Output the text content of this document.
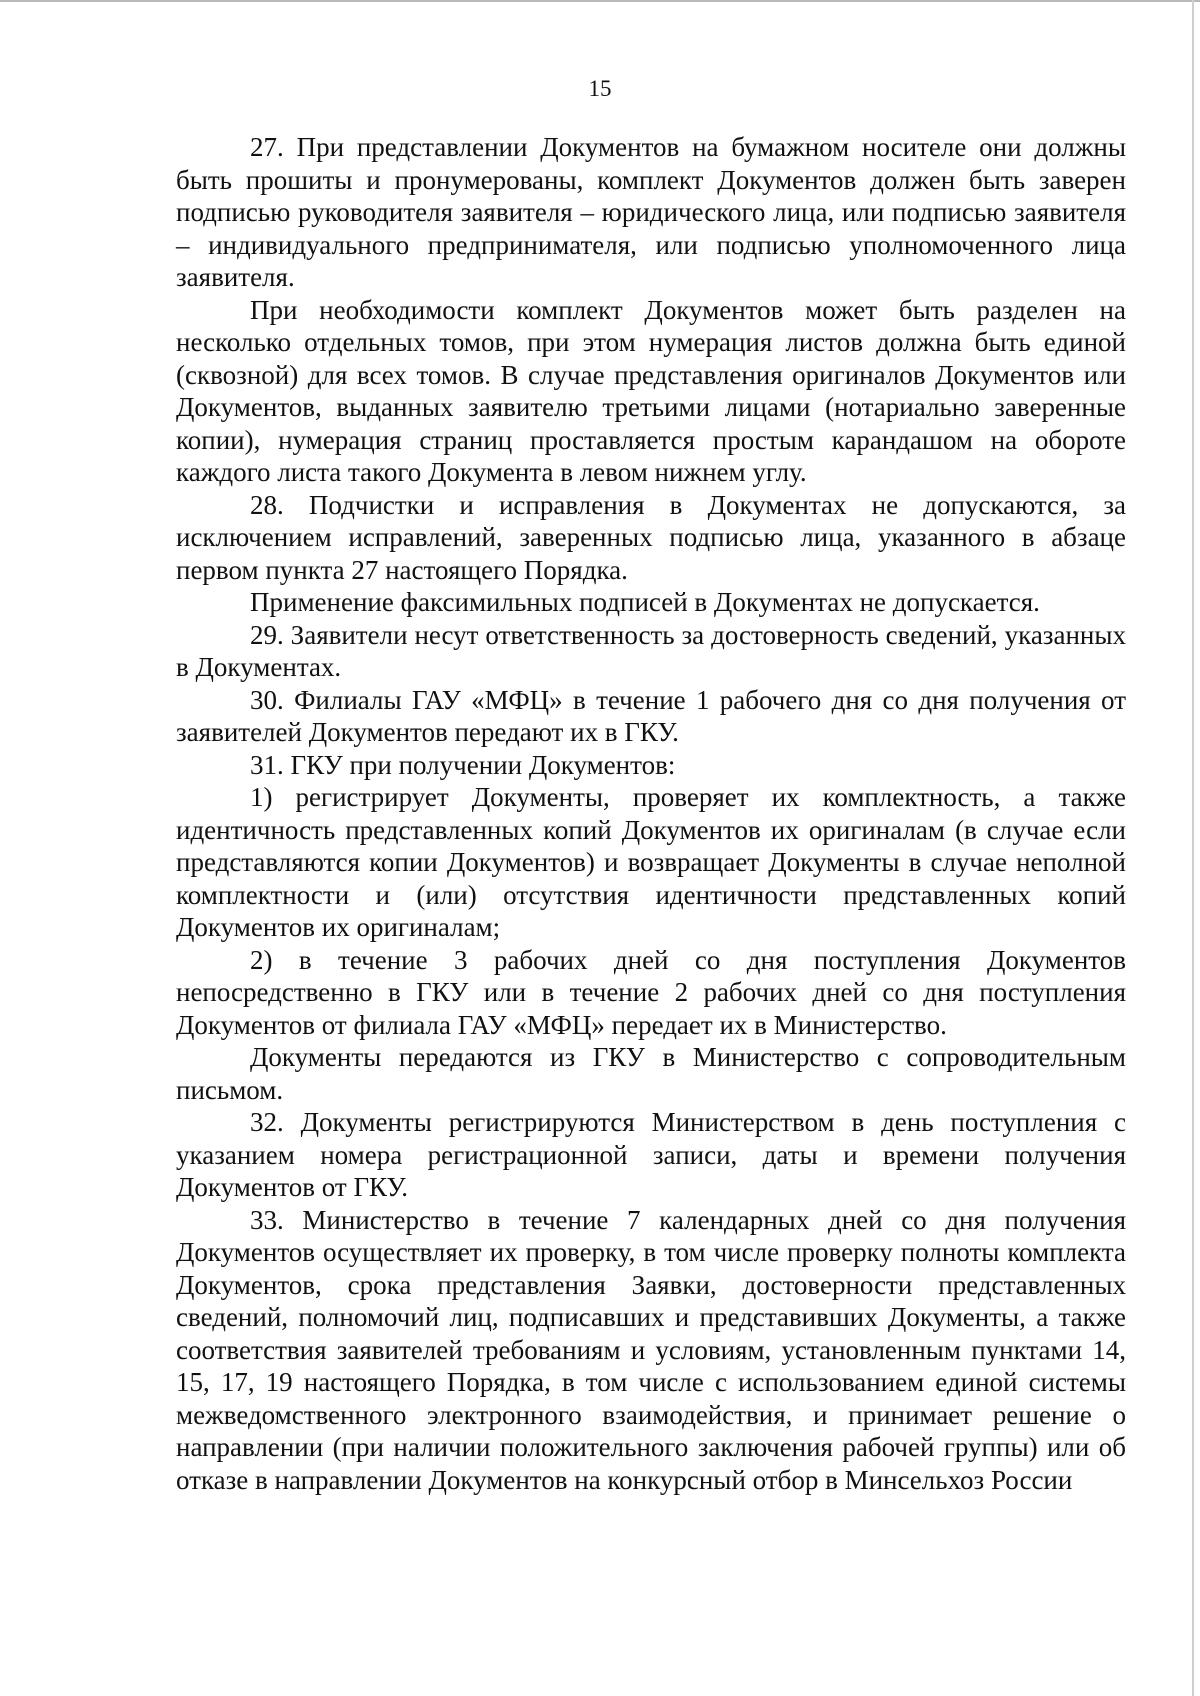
15

27. При представлении Документов на бумажном носителе они должны быть прошиты и пронумерованы, комплект Документов должен быть заверен подписью руководителя заявителя – юридического лица, или подписью заявителя – индивидуального предпринимателя, или подписью уполномоченного лица заявителя.

При необходимости комплект Документов может быть разделен на несколько отдельных томов, при этом нумерация листов должна быть единой (сквозной) для всех томов. В случае представления оригиналов Документов или Документов, выданных заявителю третьими лицами (нотариально заверенные копии), нумерация страниц проставляется простым карандашом на обороте каждого листа такого Документа в левом нижнем углу.

28. Подчистки и исправления в Документах не допускаются, за исключением исправлений, заверенных подписью лица, указанного в абзаце первом пункта 27 настоящего Порядка.

Применение факсимильных подписей в Документах не допускается.

29. Заявители несут ответственность за достоверность сведений, указанных в Документах.

30. Филиалы ГАУ «МФЦ» в течение 1 рабочего дня со дня получения от заявителей Документов передают их в ГКУ.

31. ГКУ при получении Документов:

1) регистрирует Документы, проверяет их комплектность, а также идентичность представленных копий Документов их оригиналам (в случае если представляются копии Документов) и возвращает Документы в случае неполной комплектности и (или) отсутствия идентичности представленных копий Документов их оригиналам;

2) в течение 3 рабочих дней со дня поступления Документов непосредственно в ГКУ или в течение 2 рабочих дней со дня поступления Документов от филиала ГАУ «МФЦ» передает их в Министерство.

Документы передаются из ГКУ в Министерство с сопроводительным письмом.

32. Документы регистрируются Министерством в день поступления с указанием номера регистрационной записи, даты и времени получения Документов от ГКУ.

33. Министерство в течение 7 календарных дней со дня получения Документов осуществляет их проверку, в том числе проверку полноты комплекта Документов, срока представления Заявки, достоверности представленных сведений, полномочий лиц, подписавших и представивших Документы, а также соответствия заявителей требованиям и условиям, установленным пунктами 14, 15, 17, 19 настоящего Порядка, в том числе с использованием единой системы межведомственного электронного взаимодействия, и принимает решение о направлении (при наличии положительного заключения рабочей группы) или об отказе в направлении Документов на конкурсный отбор в Минсельхоз России
